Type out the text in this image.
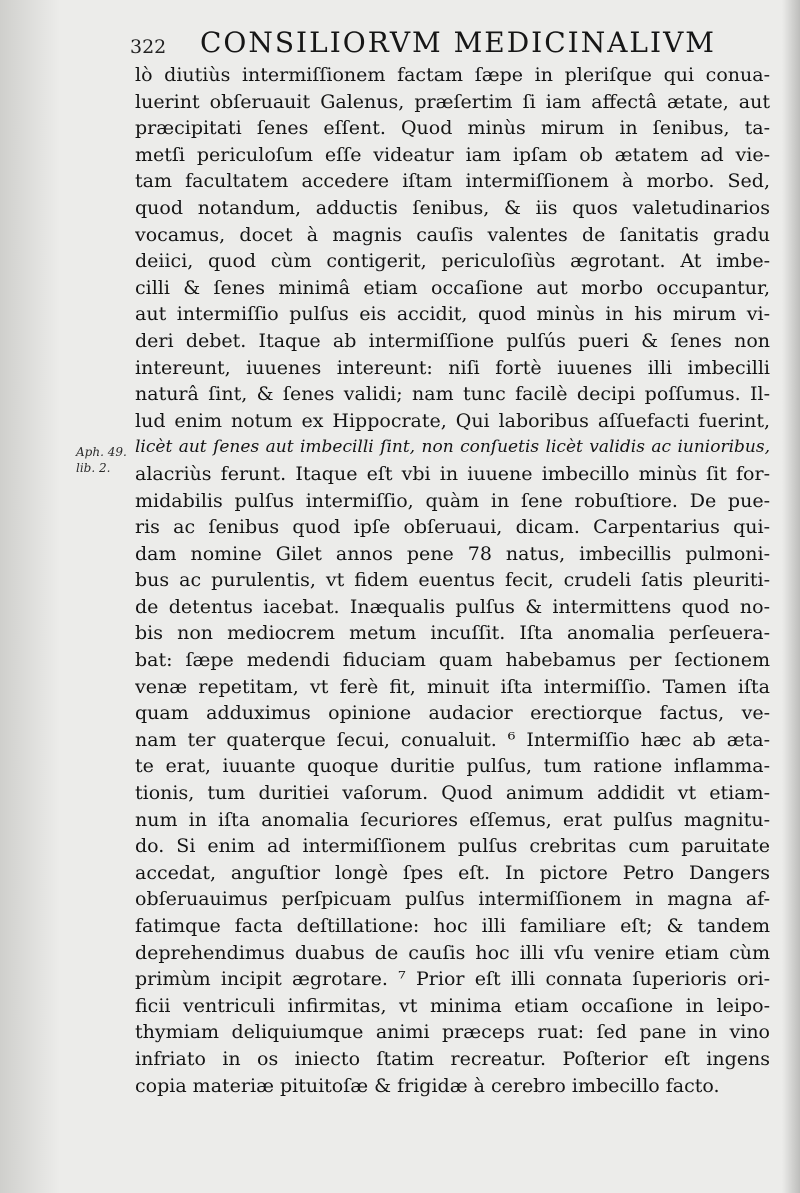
322 CONSILIORVM MEDICINALIVM
Aph. 49.
lib. 2.
lò diutiùs intermiſſionem factam ſæpe in pleriſque qui conua-
luerint obſeruauit Galenus, præſertim ſi iam affectâ ætate, aut
præcipitati ſenes eſſent. Quod minùs mirum in ſenibus, ta-
metſi periculoſum eſſe videatur iam ipſam ob ætatem ad vie-
tam facultatem accedere iſtam intermiſſionem à morbo. Sed,
quod notandum, adductis ſenibus, & iis quos valetudinarios
vocamus, docet à magnis cauſis valentes de ſanitatis gradu
deiici, quod cùm contigerit, periculoſiùs ægrotant. At imbe-
cilli & ſenes minimâ etiam occaſione aut morbo occupantur,
aut intermiſſio pulſus eis accidit, quod minùs in his mirum vi-
deri debet. Itaque ab intermiſſione pulſús pueri & ſenes non
intereunt, iuuenes intereunt: niſi fortè iuuenes illi imbecilli
naturâ ſint, & ſenes validi; nam tunc facilè decipi poſſumus. Il-
lud enim notum ex Hippocrate, Qui laboribus aſſuefacti fuerint,
licèt aut ſenes aut imbecilli ſint, non conſuetis licèt validis ac iunioribus,
alacriùs ferunt. Itaque eſt vbi in iuuene imbecillo minùs ſit for-
midabilis pulſus intermiſſio, quàm in ſene robuſtiore. De pue-
ris ac ſenibus quod ipſe obſeruaui, dicam. Carpentarius qui-
dam nomine Gilet annos pene 78 natus, imbecillis pulmoni-
bus ac purulentis, vt fidem euentus fecit, crudeli ſatis pleuriti-
de detentus iacebat. Inæqualis pulſus & intermittens quod no-
bis non mediocrem metum incuſſit. Iſta anomalia perſeuera-
bat: ſæpe medendi fiduciam quam habebamus per ſectionem
venæ repetitam, vt ferè fit, minuit iſta intermiſſio. Tamen iſta
quam adduximus opinione audacior erectiorque factus, ve-
nam ter quaterque ſecui, conualuit. ⁶ Intermiſſio hæc ab æta-
te erat, iuuante quoque duritie pulſus, tum ratione inflamma-
tionis, tum duritiei vaſorum. Quod animum addidit vt etiam-
num in iſta anomalia ſecuriores eſſemus, erat pulſus magnitu-
do. Si enim ad intermiſſionem pulſus crebritas cum paruitate
accedat, anguſtior longè ſpes eſt. In pictore Petro Dangers
obſeruauimus perſpicuam pulſus intermiſſionem in magna af-
fatimque facta deſtillatione: hoc illi familiare eſt; & tandem
deprehendimus duabus de cauſis hoc illi vſu venire etiam cùm
primùm incipit ægrotare. ⁷ Prior eſt illi connata ſuperioris ori-
ficii ventriculi infirmitas, vt minima etiam occaſione in leipo-
thymiam deliquiumque animi præceps ruat: ſed pane in vino
infriato in os iniecto ſtatim recreatur. Poſterior eſt ingens
copia materiæ pituitoſæ & frigidæ à cerebro imbecillo facto.
